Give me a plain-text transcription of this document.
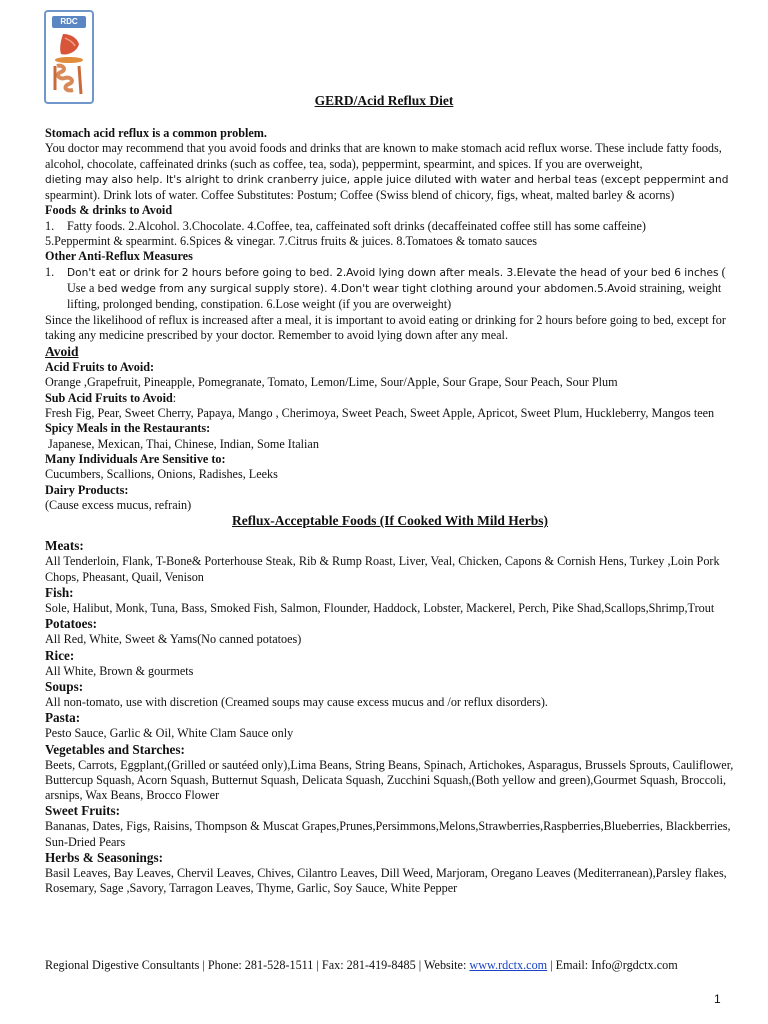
RDC
GERD/Acid Reflux Diet

Stomach acid reflux is a common problem.

You doctor may recommend that you avoid foods and drinks that are known to make stomach acid reflux worse. These include fatty foods, alcohol, chocolate, caffeinated drinks (such as coffee, tea, soda), peppermint, spearmint, and spices. If you are overweight,
dieting may also help. It's alright to drink cranberry juice, apple juice diluted with water and herbal teas (except peppermint and
spearmint). Drink lots of water. Coffee Substitutes: Postum; Coffee (Swiss blend of chicory, figs, wheat, malted barley & acorns)

Foods & drinks to Avoid

1. Fatty foods. 2.Alcohol. 3.Chocolate. 4.Coffee, tea, caffeinated soft drinks (decaffeinated coffee still has some caffeine)

5.Peppermint & spearmint. 6.Spices & vinegar. 7.Citrus fruits & juices. 8.Tomatoes & tomato sauces

Other Anti-Reflux Measures

1. Don't eat or drink for 2 hours before going to bed. 2.Avoid lying down after meals. 3.Elevate the head of your bed 6 inches ( Use a bed wedge from any surgical supply store). 4.Don't wear tight clothing around your abdomen.5.Avoid straining, weight lifting, prolonged bending, constipation. 6.Lose weight (if you are overweight)

Since the likelihood of reflux is increased after a meal, it is important to avoid eating or drinking for 2 hours before going to bed, except for taking any medicine prescribed by your doctor. Remember to avoid lying down after any meal.

Avoid

Acid Fruits to Avoid:

Orange ,Grapefruit, Pineapple, Pomegranate, Tomato, Lemon/Lime, Sour/Apple, Sour Grape, Sour Peach, Sour Plum

Sub Acid Fruits to Avoid:

Fresh Fig, Pear, Sweet Cherry, Papaya, Mango , Cherimoya, Sweet Peach, Sweet Apple, Apricot, Sweet Plum, Huckleberry, Mangos teen

Spicy Meals in the Restaurants:

Japanese, Mexican, Thai, Chinese, Indian, Some Italian

Many Individuals Are Sensitive to:

Cucumbers, Scallions, Onions, Radishes, Leeks

Dairy Products:

(Cause excess mucus, refrain)

Reflux-Acceptable Foods (If Cooked With Mild Herbs)

Meats:

All Tenderloin, Flank, T-Bone& Porterhouse Steak, Rib & Rump Roast, Liver, Veal, Chicken, Capons & Cornish Hens, Turkey ,Loin Pork Chops, Pheasant, Quail, Venison

Fish:

Sole, Halibut, Monk, Tuna, Bass, Smoked Fish, Salmon, Flounder, Haddock, Lobster, Mackerel, Perch, Pike Shad,Scallops,Shrimp,Trout

Potatoes:

All Red, White, Sweet & Yams(No canned potatoes)

Rice:

All White, Brown & gourmets

Soups:

All non-tomato, use with discretion (Creamed soups may cause excess mucus and /or reflux disorders).

Pasta:

Pesto Sauce, Garlic & Oil, White Clam Sauce only

Vegetables and Starches:

Beets, Carrots, Eggplant,(Grilled or sautéed only),Lima Beans, String Beans, Spinach, Artichokes, Asparagus, Brussels Sprouts, Cauliflower, Buttercup Squash, Acorn Squash, Butternut Squash, Delicata Squash, Zucchini Squash,(Both yellow and green),Gourmet Squash, Broccoli, arsnips, Wax Beans, Brocco Flower

Sweet Fruits:

Bananas, Dates, Figs, Raisins, Thompson & Muscat Grapes,Prunes,Persimmons,Melons,Strawberries,Raspberries,Blueberries, Blackberries, Sun-Dried Pears

Herbs & Seasonings:

Basil Leaves, Bay Leaves, Chervil Leaves, Chives, Cilantro Leaves, Dill Weed, Marjoram, Oregano Leaves (Mediterranean),Parsley flakes, Rosemary, Sage ,Savory, Tarragon Leaves, Thyme, Garlic, Soy Sauce, White Pepper

Regional Digestive Consultants | Phone: 281-528-1511 | Fax: 281-419-8485 | Website: www.rdctx.com | Email: Info@rgdctx.com
1
